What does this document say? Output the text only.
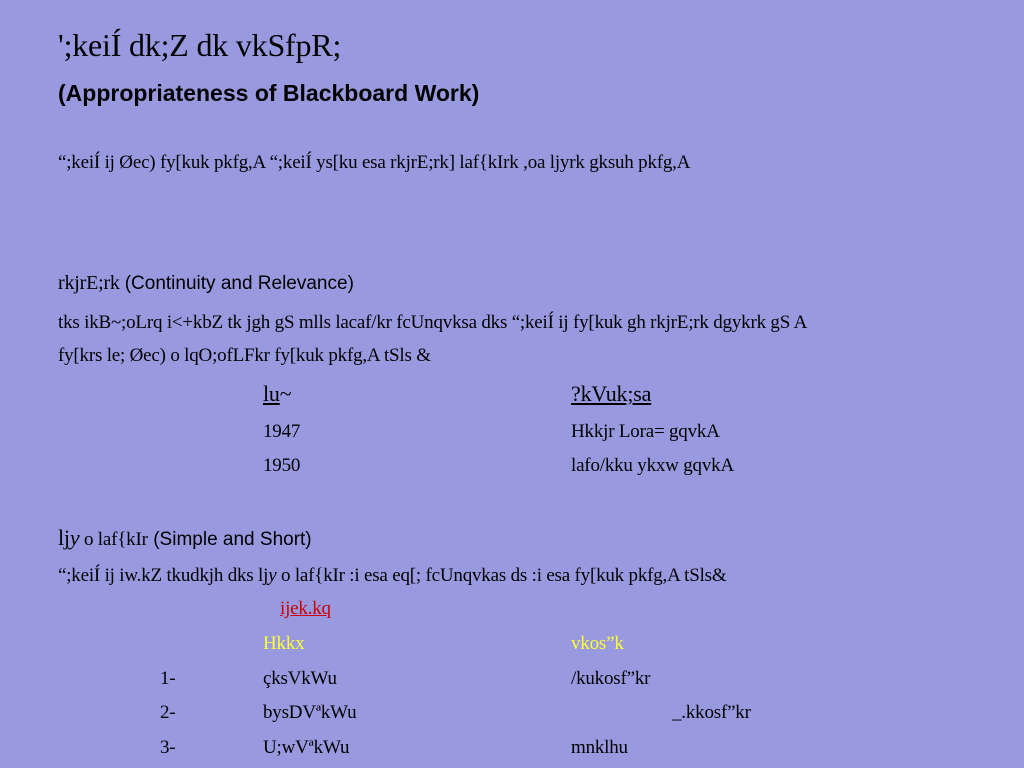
';keiÍ dk;Z dk vkSfpR;
(Appropriateness of Blackboard Work)
“;keiÍ ij Øec) fy[kuk pkfg,A “;keiÍ ys[ku esa rkjrE;rk] laf{kIrk ,oa ljyrk gksuh pkfg,A
rkjrE;rk (Continuity and Relevance)
tks ikB~;oLrq i<+kbZ tk jgh gS mlls lacaf/kr fcUnqvksa dks “;keiÍ ij fy[kuk gh rkjrE;rk dgykrk gS A
fy[krs le; Øec) o lqO;ofLFkr fy[kuk pkfg,A tSls &
lu~	?kVuk;sa
1947	Hkkjr Lora= gqvkA
1950	lafo/kku ykxw gqvkA
ljy o laf{kIr (Simple and Short)
“;keiÍ ij iw.kZ tkudkjh dks ljy o laf{kIr :i esa eq[; fcUnqvkas ds :i esa fy[kuk pkfg,A tSls&
ijek.kq
Hkkx	vkos”k
1-	çksVkWu	/kukosf”kr
2-	bysDVªkWu	_.kkosf”kr
3-	U;wVªkWu	mnklhu
